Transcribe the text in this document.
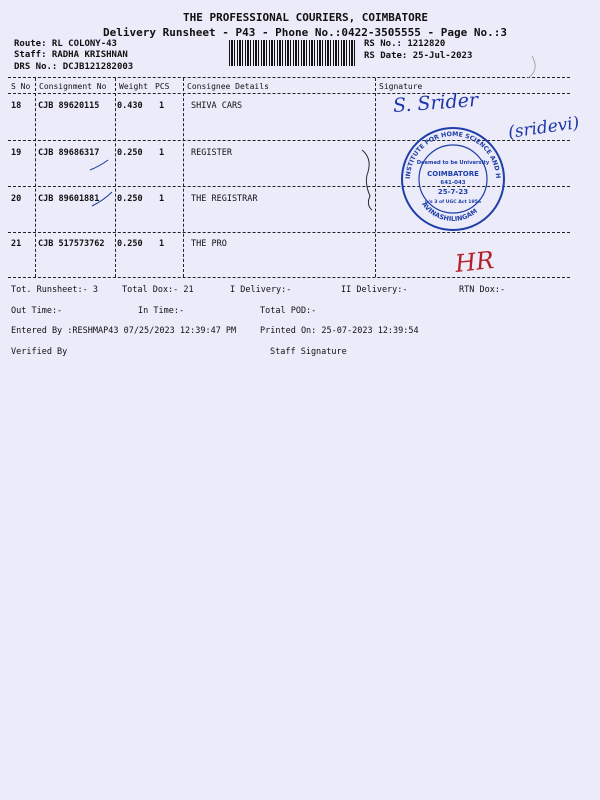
THE PROFESSIONAL COURIERS, COIMBATORE
Delivery Runsheet - P43 - Phone No.:0422-3505555 - Page No.:3
Route: RL COLONY-43
Staff: RADHA KRISHNAN
DRS No.: DCJB121282003
RS No.: 1212820
RS Date: 25-Jul-2023
S No Consignment No Weight PCS Consignee Details	Signature
18 CJB 89620115 0.430 1	SHIVA CARS
19 CJB 89686317 0.250 1	REGISTER
20 CJB 89601881 0.250 1	THE REGISTRAR
21 CJB 517573762 0.250 1	THE PRO
Tot. Runsheet:- 3	Total Dox:- 21	I Delivery:-	II Delivery:-	RTN Dox:-
Out Time:-	In Time:-	Total POD:-
Entered By :RESHMAP43 07/25/2023 12:39:47 PM	Printed On: 25-07-2023 12:39:54
Verified By	Staff Signature
S. Srider
(sridevi)
HR
INSTITUTE FOR HOME SCIENCE AND HIGHER EDUCATION FOR WOMEN
AVINASHILINGAM
Deemed to be University
COIMBATORE
641-043
25-7-23
u/s 3 of UGC Act 1956
